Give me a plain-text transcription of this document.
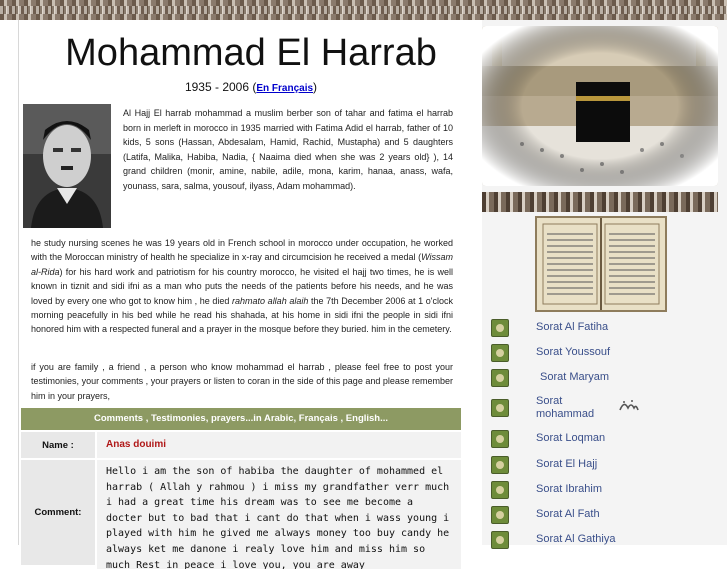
Mohammad El Harrab
1935 - 2006 (En Français)
Al Hajj El harrab mohammad a muslim berber son of tahar and fatima el harrab born in merleft in morocco in 1935 married with Fatima Adid el harrab, father of 10 kids, 5 sons (Hassan, Abdesalam, Hamid, Rachid, Mustapha) and 5 daughters (Latifa, Malika, Habiba, Nadia, { Naaima died when she was 2 years old} ), 14 grand children (monir, amine, nabile, adile, mona, karim, hanaa, anass, wafa, younass, sara, salma, yousouf, ilyass, Adam mohammad).
he study nursing scenes he was 19 years old in French school in morocco under occupation, he worked with the Moroccan ministry of health he specialize in x-ray and circumcision he received a medal (Wissam al-Rida) for his hard work and patriotism for his country morocco, he visited el hajj two times, he is well known in tiznit and sidi ifni as a man who puts the needs of the patients before his needs, and he was loved by every one who got to know him , he died rahmato allah alaih the 7th December 2006 at 1 o'clock morning peacefully in his bed while he read his shahada, at his home in sidi ifni the people in sidi ifni honored him with a respected funeral and a prayer in the mosque before they buried. him in the cemetery.
if you are family , a friend , a person who know mohammad el harrab , please feel free to post your testimonies, your comments , your prayers or listen to coran in the side of this page and please remember him in your prayers,
Comments , Testimonies, prayers...in Arabic, Français , English...
Name :	Anas douimi
Comment:
Hello i am the son of habiba the daughter of mohammed el harrab ( Allah y rahmou ) i miss my grandfather verr much i had a great time his dream was to see me become a docter but to bad that i cant do that when i wass young i played with him he gived me always money too buy candy he always ket me danone i realy love him and miss him so much Rest in peace i love you, you are away
Sorat Al Fatiha
Sorat Youssouf
Sorat Maryam
Sorat mohammad
Sorat Loqman
Sorat El Hajj
Sorat Ibrahim
Sorat Al Fath
Sorat Al Gathiya
